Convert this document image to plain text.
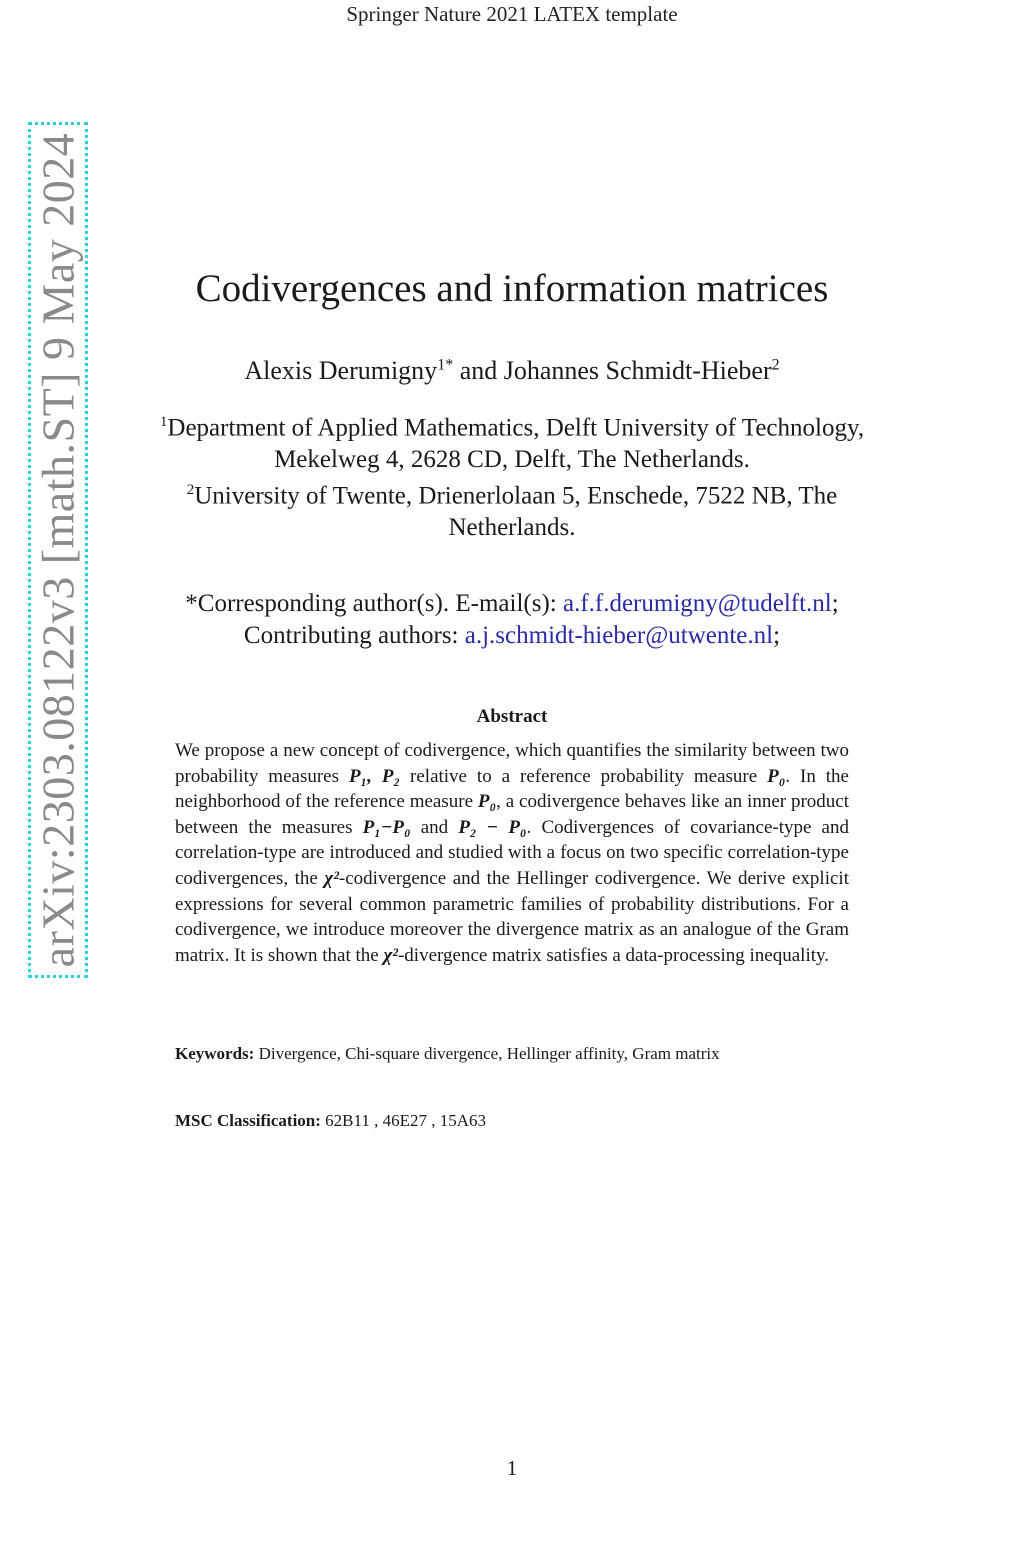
Springer Nature 2021 LATEX template
arXiv:2303.08122v3 [math.ST] 9 May 2024	Codivergences and information matrices
Alexis Derumigny$^{1*}$ and Johannes Schmidt-Hieber$^2$
$^1$Department of Applied Mathematics, Delft University of Technology, Mekelweg 4, 2628 CD, Delft, The Netherlands.
$^2$University of Twente, Drienerlolaan 5, Enschede, 7522 NB, The Netherlands.
*Corresponding author(s). E-mail(s): a.f.f.derumigny@tudelft.nl;
Contributing authors: a.j.schmidt-hieber@utwente.nl;
Abstract
We propose a new concept of codivergence, which quantifies the similarity between two probability measures P₁, P₂ relative to a reference probability measure P₀. In the neighborhood of the reference measure P₀, a codivergence behaves like an inner product between the measures P₁−P₀ and P₂ − P₀. Codivergences of covariance-type and correlation-type are introduced and studied with a focus on two specific correlation-type codivergences, the χ²-codivergence and the Hellinger codivergence. We derive explicit expressions for several common parametric families of probability distributions. For a codivergence, we introduce moreover the divergence matrix as an analogue of the Gram matrix. It is shown that the χ²-divergence matrix satisfies a data-processing inequality.
Keywords: Divergence, Chi-square divergence, Hellinger affinity, Gram matrix
MSC Classification: 62B11 , 46E27 , 15A63
1
